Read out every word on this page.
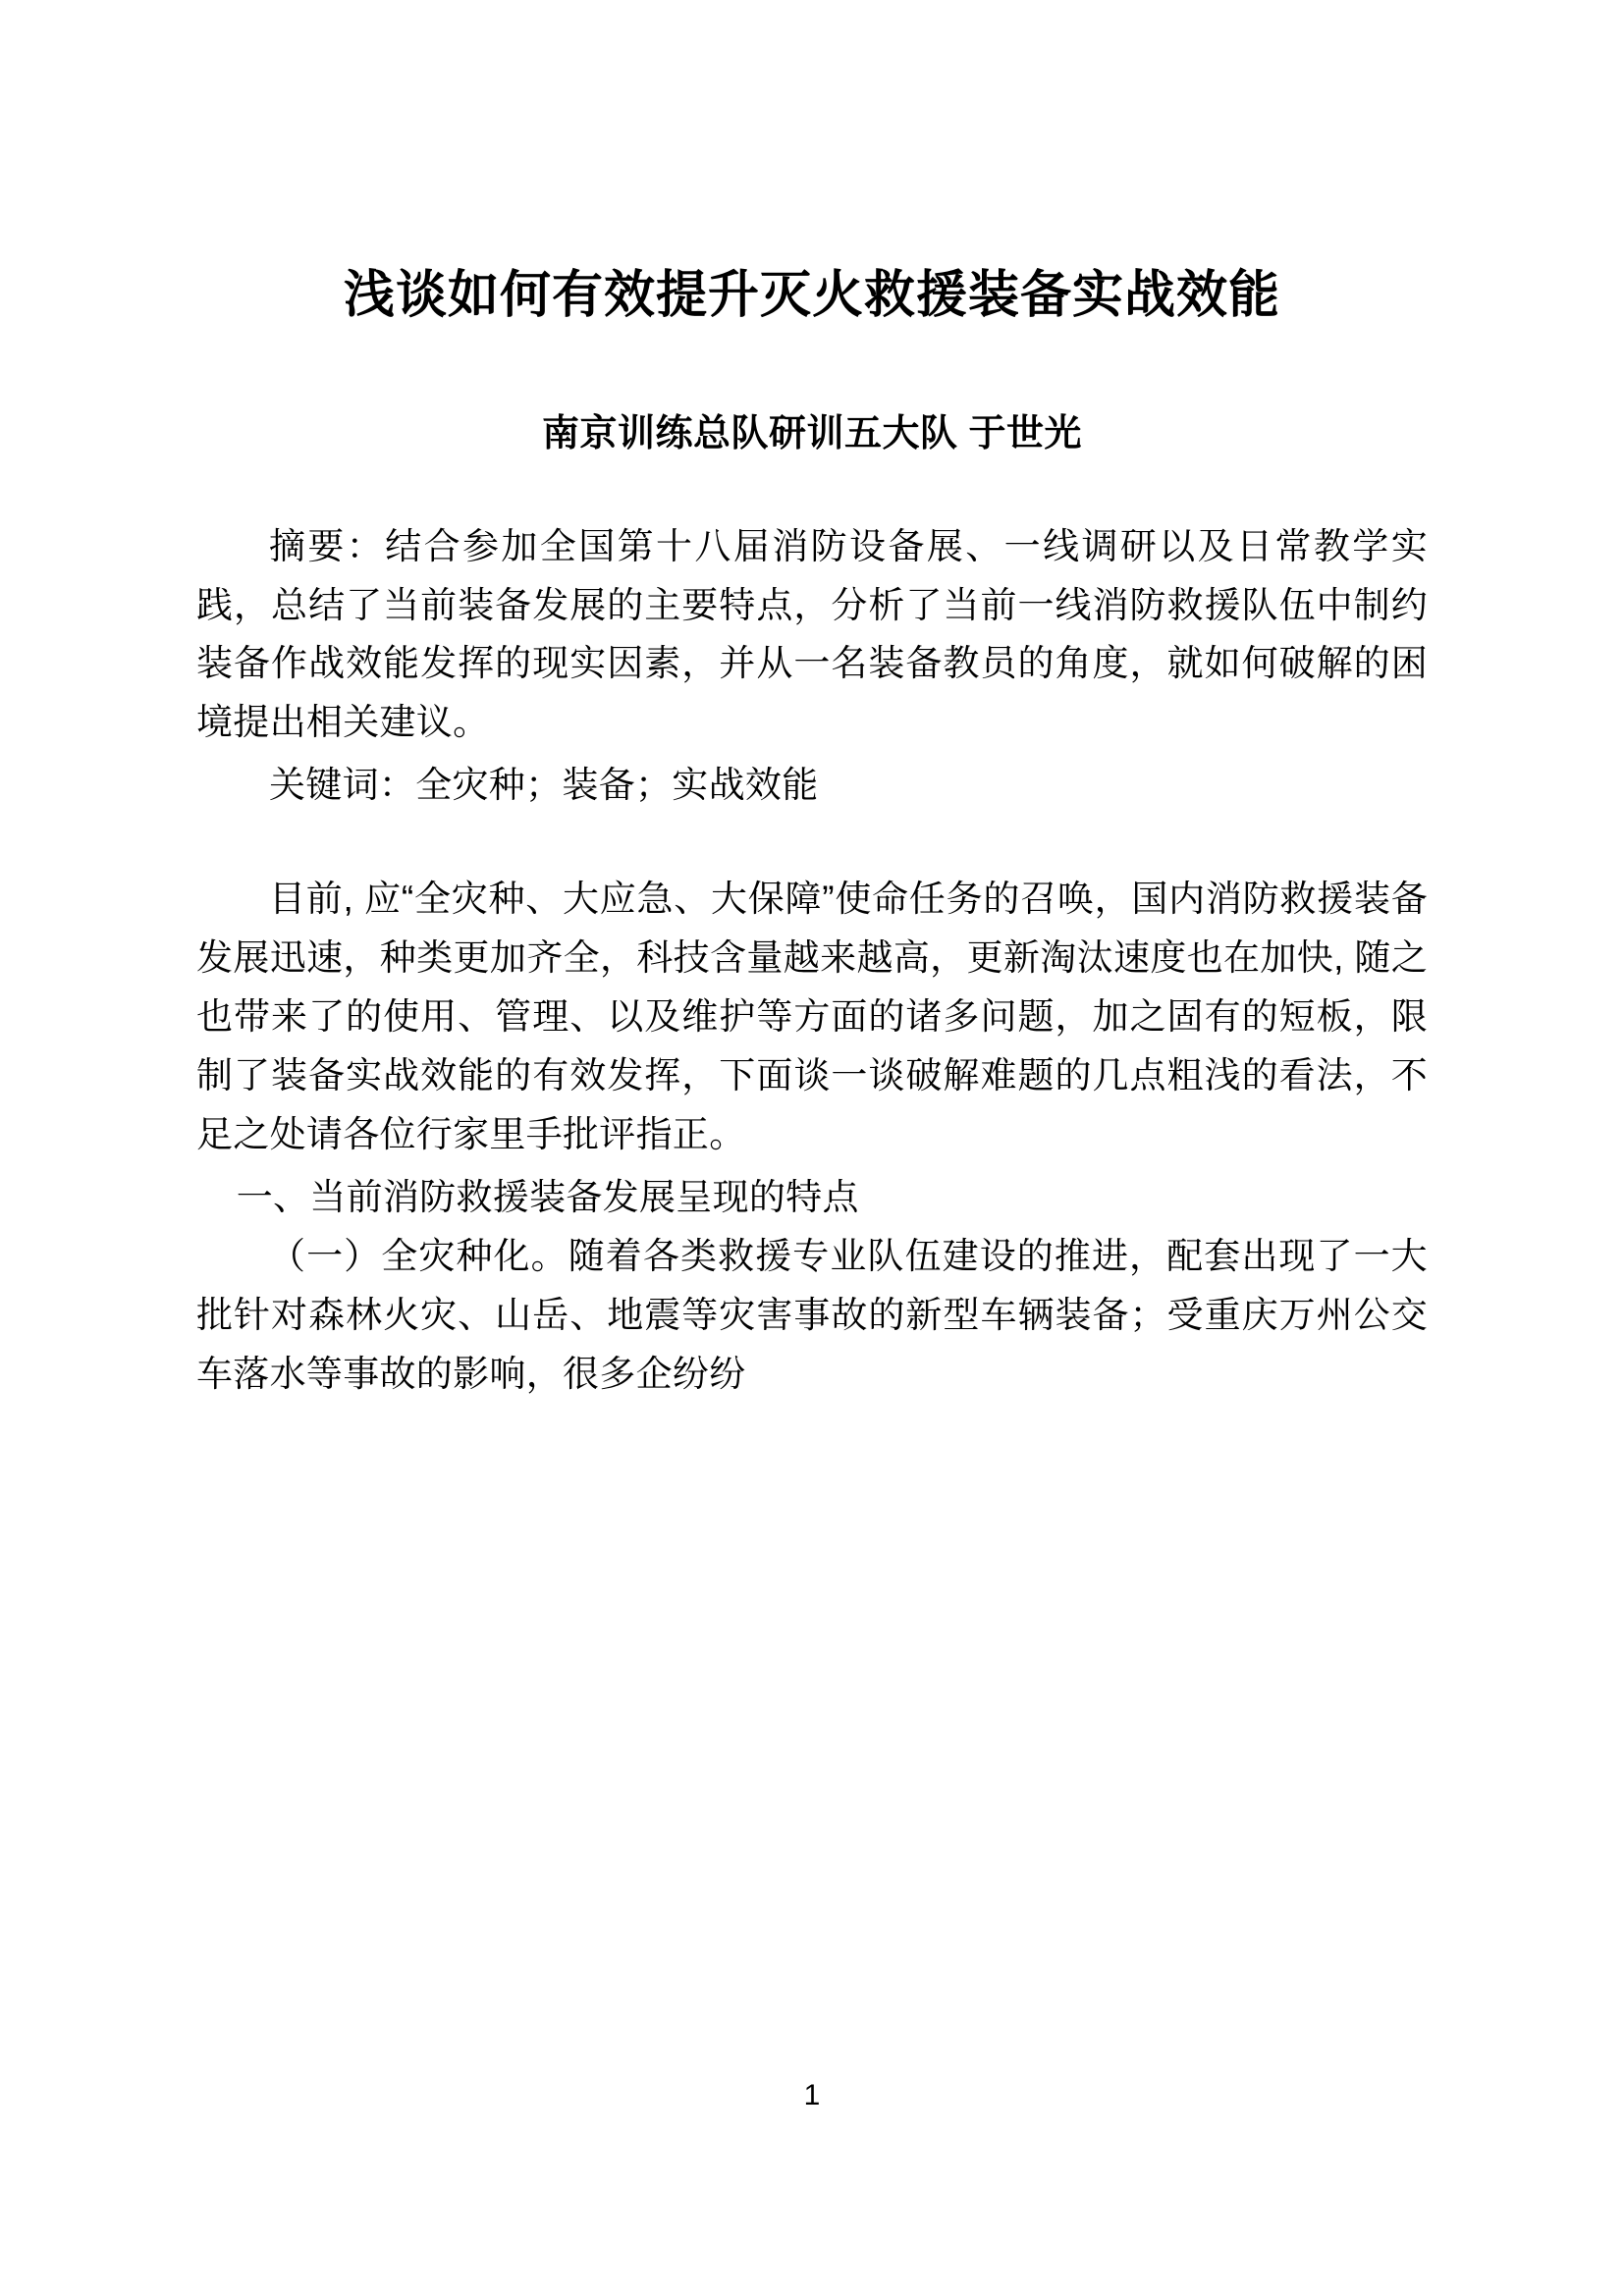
浅谈如何有效提升灭火救援装备实战效能
南京训练总队研训五大队 于世光

摘要：结合参加全国第十八届消防设备展、一线调研以及日常教学实践，总结了当前装备发展的主要特点，分析了当前一线消防救援队伍中制约装备作战效能发挥的现实因素，并从一名装备教员的角度，就如何破解的困境提出相关建议。

关键词：全灾种；装备；实战效能

目前, 应“全灾种、大应急、大保障”使命任务的召唤，国内消防救援装备发展迅速，种类更加齐全，科技含量越来越高，更新淘汰速度也在加快, 随之也带来了的使用、管理、以及维护等方面的诸多问题，加之固有的短板，限制了装备实战效能的有效发挥，下面谈一谈破解难题的几点粗浅的看法，不足之处请各位行家里手批评指正。

一、当前消防救援装备发展呈现的特点

（一）全灾种化。随着各类救援专业队伍建设的推进，配套出现了一大批针对森林火灾、山岳、地震等灾害事故的新型车辆装备；受重庆万州公交车落水等事故的影响，很多企纷纷

1
